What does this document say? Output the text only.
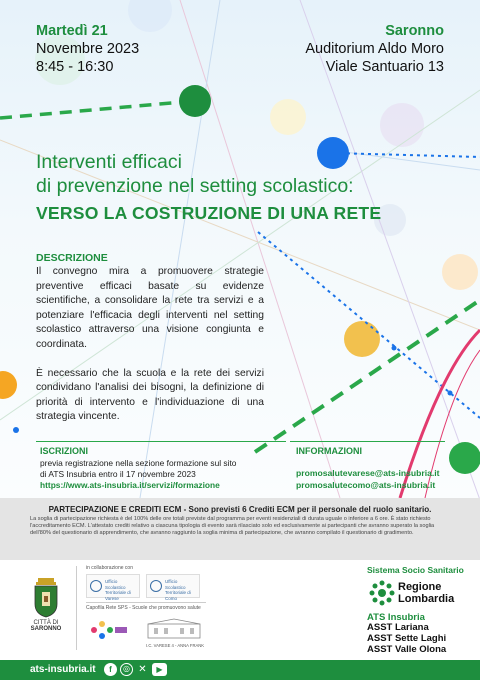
Martedì 21
Novembre 2023
8:45 - 16:30
Saronno
Auditorium Aldo Moro
Viale Santuario 13
Interventi efficaci
di prevenzione nel setting scolastico:
VERSO LA COSTRUZIONE DI UNA RETE
DESCRIZIONE

Il convegno mira a promuovere strategie preventive efficaci basate su evidenze scientifiche, a consolidare la rete tra servizi e a potenziare l'efficacia degli interventi nel setting scolastico attraverso una visione congiunta e coordinata.

È necessario che la scuola e la rete dei servizi condividano l'analisi dei bisogni, la definizione di priorità di intervento e l'individuazione di una strategia vincente.

ISCRIZIONI
previa registrazione nella sezione formazione sul sito
di ATS Insubria entro il 17 novembre 2023
https://www.ats-insubria.it/servizi/formazione
INFORMAZIONI
promosalutevarese@ats-insubria.it
promosalutecomo@ats-insubria.it
PARTECIPAZIONE E CREDITI ECM - Sono previsti 6 Crediti ECM per il personale del ruolo sanitario.
La soglia di partecipazione richiesta è del 100% delle ore totali previste dal programma per eventi residenziali di durata uguale o inferiore a 6 ore. È stato richiesto l'accreditamento ECM. L'attestato crediti relativo a ciascuna tipologia di evento sarà rilasciato solo ed esclusivamente ai partecipanti che avranno superato la soglia dell'80% del questionario di apprendimento, che avranno raggiunto la soglia minima di partecipazione, che avranno compilato il questionario di gradimento.
CITTÀ DI
SARONNO
in collaborazione con
Ufficio Scolastico Territoriale di Varese
Ufficio Scolastico Territoriale di Como
Capofila Rete SPS - Scuole che promuovono salute
I.C. VARESE 4 - ANNA FRANK
Sistema Socio Sanitario
Regione
Lombardia
ATS Insubria
ASST Lariana
ASST Sette Laghi
ASST Valle Olona
ats-insubria.it	f	◎ ✕	▶
